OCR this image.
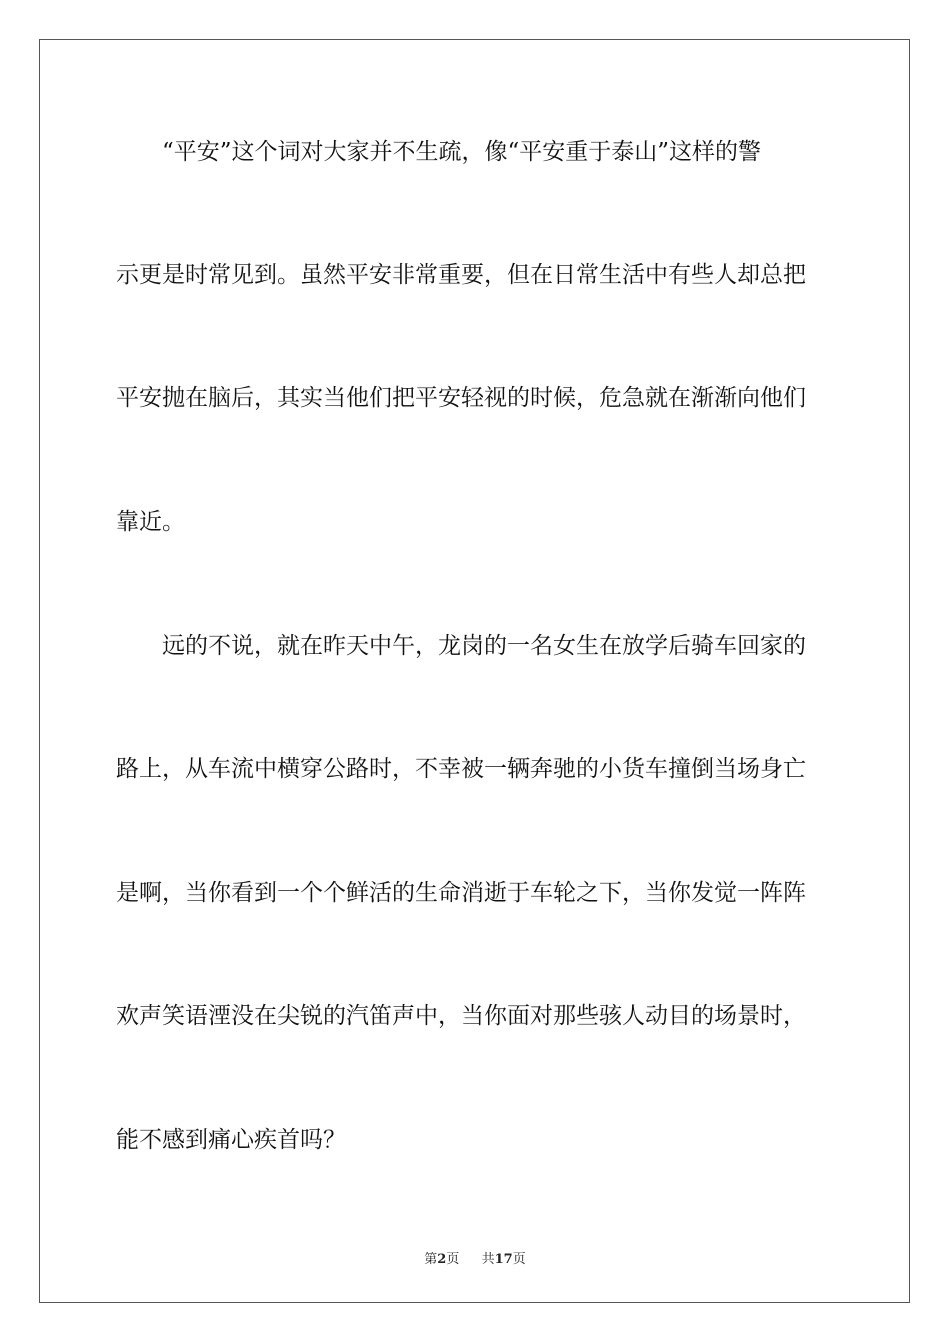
　　“平安”这个词对大家并不生疏，像“平安重于泰山”这样的警
示更是时常见到。虽然平安非常重要，但在日常生活中有些人却总把
平安抛在脑后，其实当他们把平安轻视的时候，危急就在渐渐向他们
靠近。
　　远的不说，就在昨天中午，龙岗的一名女生在放学后骑车回家的
路上，从车流中横穿公路时，不幸被一辆奔驰的小货车撞倒当场身亡
是啊，当你看到一个个鲜活的生命消逝于车轮之下，当你发觉一阵阵
欢声笑语湮没在尖锐的汽笛声中，当你面对那些骇人动目的场景时，
能不感到痛心疾首吗？
第2页 共17页
